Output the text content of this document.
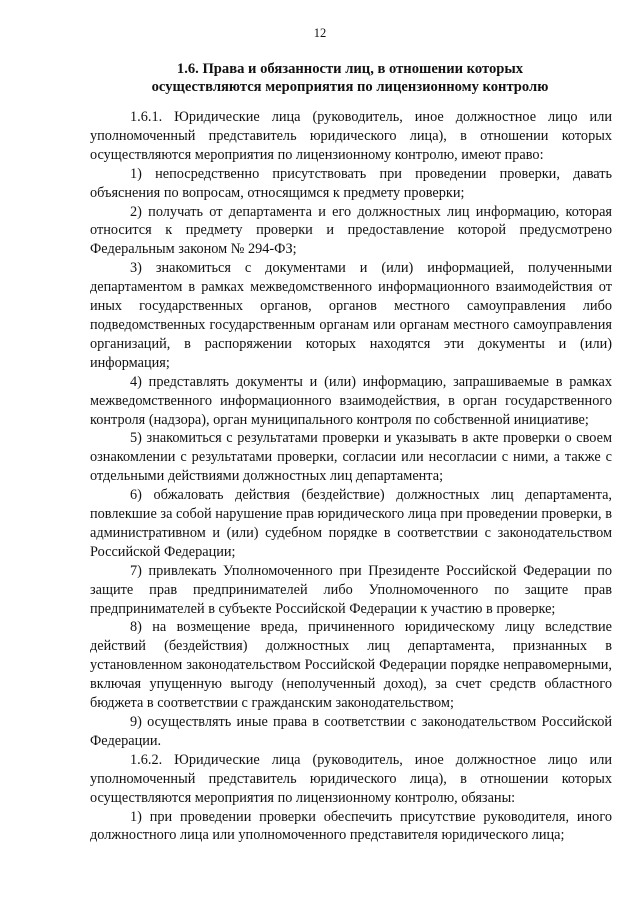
12
1.6. Права и обязанности лиц, в отношении которых
осуществляются мероприятия по лицензионному контролю

1.6.1. Юридические лица (руководитель, иное должностное лицо или уполномоченный представитель юридического лица), в отношении которых осуществляются мероприятия по лицензионному контролю, имеют право:

1) непосредственно присутствовать при проведении проверки, давать объяснения по вопросам, относящимся к предмету проверки;

2) получать от департамента и его должностных лиц информацию, которая относится к предмету проверки и предоставление которой предусмотрено Федеральным законом № 294-ФЗ;

3) знакомиться с документами и (или) информацией, полученными департаментом в рамках межведомственного информационного взаимодействия от иных государственных органов, органов местного самоуправления либо подведомственных государственным органам или органам местного самоуправления организаций, в распоряжении которых находятся эти документы и (или) информация;

4) представлять документы и (или) информацию, запрашиваемые в рамках межведомственного информационного взаимодействия, в орган государственного контроля (надзора), орган муниципального контроля по собственной инициативе;

5) знакомиться с результатами проверки и указывать в акте проверки о своем ознакомлении с результатами проверки, согласии или несогласии с ними, а также с отдельными действиями должностных лиц департамента;

6) обжаловать действия (бездействие) должностных лиц департамента, повлекшие за собой нарушение прав юридического лица при проведении проверки, в административном и (или) судебном порядке в соответствии с законодательством Российской Федерации;

7) привлекать Уполномоченного при Президенте Российской Федерации по защите прав предпринимателей либо Уполномоченного по защите прав предпринимателей в субъекте Российской Федерации к участию в проверке;

8) на возмещение вреда, причиненного юридическому лицу вследствие действий (бездействия) должностных лиц департамента, признанных в установленном законодательством Российской Федерации порядке неправомерными, включая упущенную выгоду (неполученный доход), за счет средств областного бюджета в соответствии с гражданским законодательством;

9) осуществлять иные права в соответствии с законодательством Российской Федерации.

1.6.2. Юридические лица (руководитель, иное должностное лицо или уполномоченный представитель юридического лица), в отношении которых осуществляются мероприятия по лицензионному контролю, обязаны:

1) при проведении проверки обеспечить присутствие руководителя, иного должностного лица или уполномоченного представителя юридического лица;
